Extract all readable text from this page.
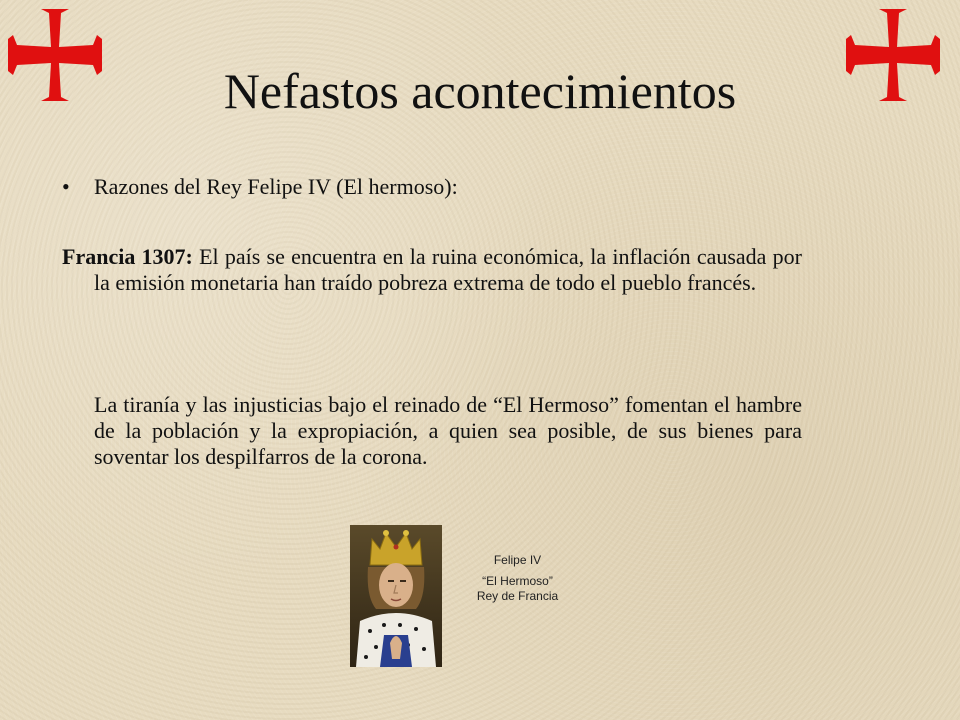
Nefastos acontecimientos
•	Razones del Rey Felipe IV (El hermoso):
Francia 1307: El país se encuentra en la ruina económica, la inflación causada por la emisión monetaria han traído pobreza extrema de todo el pueblo francés.
La tiranía y las injusticias bajo el reinado de “El Hermoso” fomentan el hambre de la población y la expropiación, a quien sea posible, de sus bienes para soventar los despilfarros de la corona.
Felipe IV
“El Hermoso”
Rey de Francia
